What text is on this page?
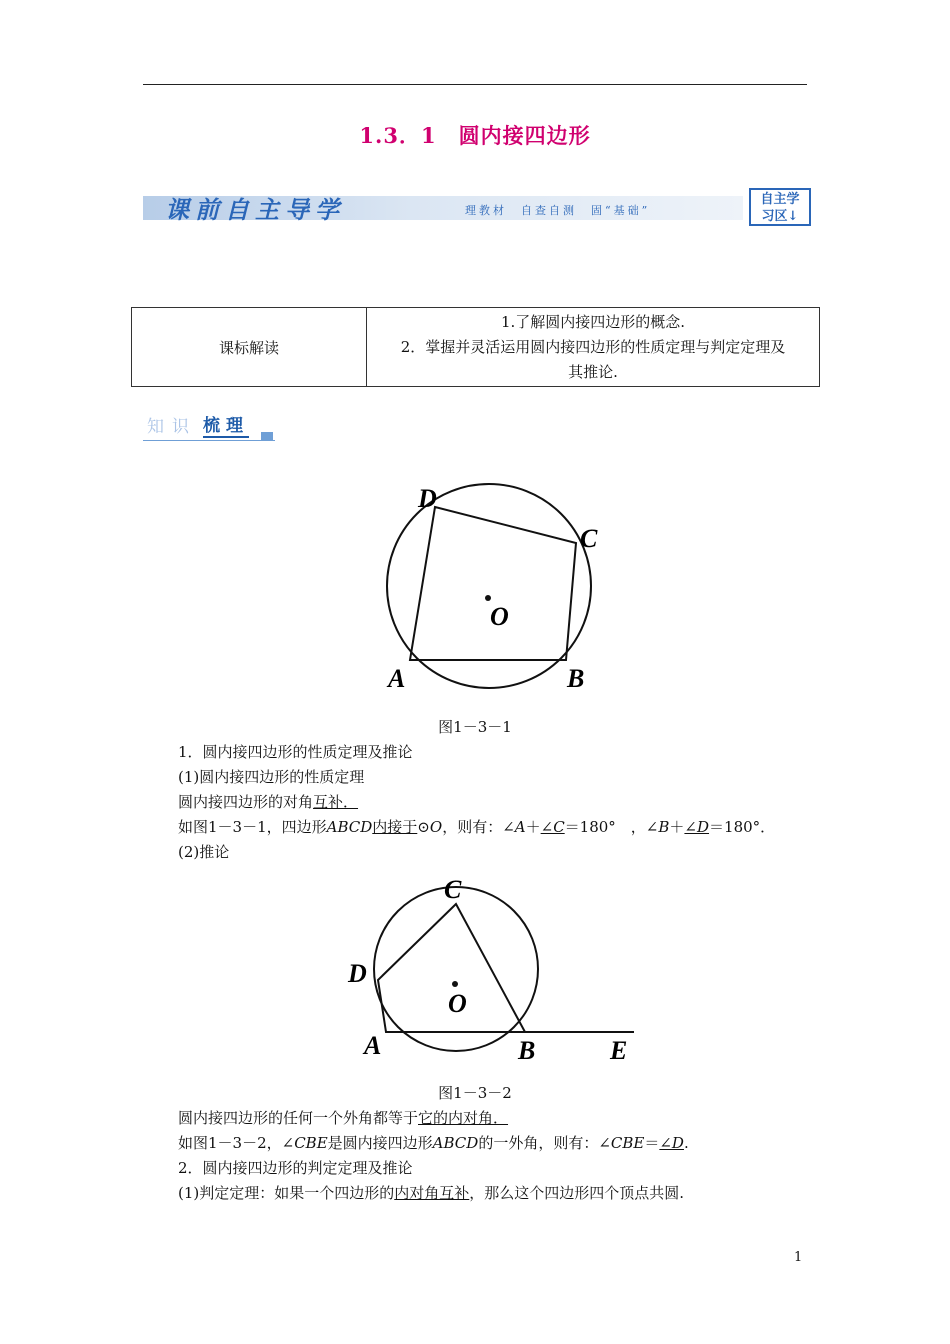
1.3．1　圆内接四边形
课前自主导学	理教材　自查自测　固“基础”
自主学
习区↓
课标解读	
1.了解圆内接四边形的概念.
2．掌握并灵活运用圆内接四边形的性质定理与判定定理及
其推论.
知识 梳理
D
C
O
A	B
图1－3－1
1．圆内接四边形的性质定理及推论
(1)圆内接四边形的性质定理
圆内接四边形的对角互补．
如图1－3－1，四边形ABCD内接于⊙O，则有：∠A＋∠C＝180°　，∠B＋∠D＝180°．
(2)推论
C
D
O
A	B	E
图1－3－2
圆内接四边形的任何一个外角都等于它的内对角．
如图1－3－2，∠CBE是圆内接四边形ABCD的一外角，则有：∠CBE＝∠D.
2．圆内接四边形的判定定理及推论
(1)判定定理：如果一个四边形的内对角互补，那么这个四边形四个顶点共圆.
1
